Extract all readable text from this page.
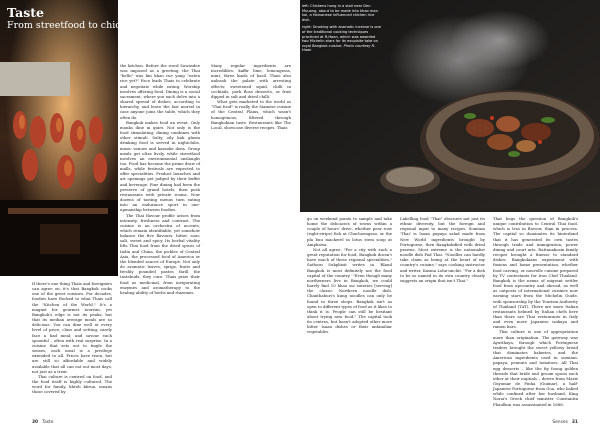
Taste
From streetfood to chic food

left: Chickens hang in a stall near Den Muuang, about to be made into khao man kai, a Hainanese influenced chicken rice dish.

right: Smoking with aromatic incense is one of the traditional cooking techniques practiced at R-Haan, which was awarded two Michelin stars for its exquisite take on royal Bangkok cuisine. Photo courtesy R-Haan

If there's one thing Thais and foreigners can agree on, it's that Bangkok cooks one of the great cuisines. For decades, foodies have flocked to what Thais call the "Kitchen of the World." It's a magnet for gourmet tourism, yet Bangkok's edge is not its peaks, but that its median average meals are so delicious. You can dine well at every level of price, class and setting; rarely face a bad meal; and savour each spoonful – often with real surprise. In a cuisine that sets out to tingle the senses, each meal is a privilege extended to all. Prices have risen, but are still so affordable and widely available that all can eat out most days, not just as a treat.

Thai culture is centred on food, and the food itself is highly cultured. The word for family, khrob khrua, means those covered by

the kitchen. Before the word Sawasdee was imposed as a greeting, the Thai "hello" was kin khao rue yang "eaten rice yet?" Face leads Thais to celebrate and negotiate while eating. Worship involves offering food. Dining is a social sacrament, where you each delve into a shared spread of dishes, according to hierarchy, and leave the last morsel in case anyone joins the table, which they often do.

Bangkok makes food an event. Only monks dine in quiet. Not only is the food stimulating; dining combines with other stimuli. Salty, oily kab glaem drinking food is served in nightclubs, music venues and karaoke dens. Group meals get ultra lively, while streetfood involves an environmental onslaught too. Food has become the prime draw of malls, while festivals are expected to offer specialities. Product launches and art openings get judged by their buffet and beverage. Fine dining had been the preserve of grand hotels, then posh restaurants with private rooms. Now dozens of tasting menus turn eating into an endurance sport in one-upmanship between foodies.

The Thai flavour profile arises from intensity, freshness and contrast. The cuisine is an orchestra of accents, which remain identifiable, yet somehow balance the five flavours: bitter, sour, salt, sweet and spicy. Its herbal vitality lifts Thai food from the dried spices of India and China, the pickles of Central Asia, the processed food of America or the blended sauces of Europe. Not only do aromatic leaves, sprigs, fruits and freshly pounded pastes thrill the tastebuds, they cure. Thais prize their food as medicinal, from invigorating enzymes and aromatherapy to the healing ability of herbs and rhizomes.

Many regular ingredients are incredibles: kaffir lime, lemongrass, mint, three kinds of basil. Thais also unleash the palate with arresting effects: sweetened squid, chilli in cocktails, pork floss desserts, or fruit dipped in salt and dried chilli.

What gets marketed to the world as "Thai food" is really the Siamese cuisine of the Central Plains, which wasn't homogenous, filtered through Bangkokian taste. Restaurants like The Local, showcase diverse recipes. Thais

go on weekend jaunts to sample and take home the delicacies of towns within a couple of hours' drive, whether pear rose (right-stripe) fish at Chachoengsao, or the pla buu mackerel in lotus stem soup at Amphawa.

Not all agree. "For a city with such a great reputation for food, Bangkok doesn't have much of these regional specialities," Sathorn Sukphisit writes in 'Bland Bangkok is most definitely not the food capital of the country.' "Even though many northerners live in Bangkok, we could barely find 10 khao soi eateries [serving] the classic Northern noodle dish. Chanthaburi's kung noodles can only be found in three shops. Bangkok isn't as open to different types of food as it likes to think it is. People can still be hesitant about trying new food." The capital took its centres, but hasn't adopted other more bitter Isaan dishes or their unfamiliar vegetables.

Labelling food "Thai" obscures not just its ethnic diversity, but the foreign and regional input to many recipes. Somtam 'Thai' is Isaan papaya salad made from New World ingredients brought by Portuguese, then Bangkokified with dried prawns. Most extreme is the nationalist noodle dish Pad Thai. "Noodles can hardly take claim as being at the heart of my country's cuisine," says cooking instructor and writer, Kasma Loha-unchit. "For a dish to be so named in its own country clearly suggests an origin that isn't Thai."

That begs the question of Bangkok's unique contribution to Central Thai food, which is less in flavour, than in process. The capital so dominates its hinterland that it has generated its own tastes through trade and immigration, power dining and court arts. Rattanakosin family recipes brought a finesse to standard dishes. Bangkokians experiment with fusions and home presentation, whether food carving, or nouvelle cuisine prepared by TV contestants for Iron Chef Thailand. Bangkok is the nexus of migrant settler food from upcountry and abroad, as well as outposts of international cuisines now earning stars from the Michelin Guide, with sponsorship by the Tourism Authority of Thailand (TAT). There are more Italian restaurants helmed by Italian chefs here than there are Thai restaurants in Italy and even more Japanese izakaya and ramen bars.

Thai culture is one of appropriation more than origination. The gateway was Ayutthaya, through which Portuguese traders brought the sweet yellowy bread that dominates bakeries, and the American ingredients used in somtam: papaya, peanuts and tomatoes. All Thai egg desserts – like the fiy foong golden threads that bride and groom spoon each other at their nuptials – derive from Marie Guyomar de Pinha (Guimar), a half-Japanese Portuguese from Goa, who baked while confined after her husband, King Narai's Greek chief minister Constantin Phaulkon was assassinated in 1688.

30 Taste	Senses 31
